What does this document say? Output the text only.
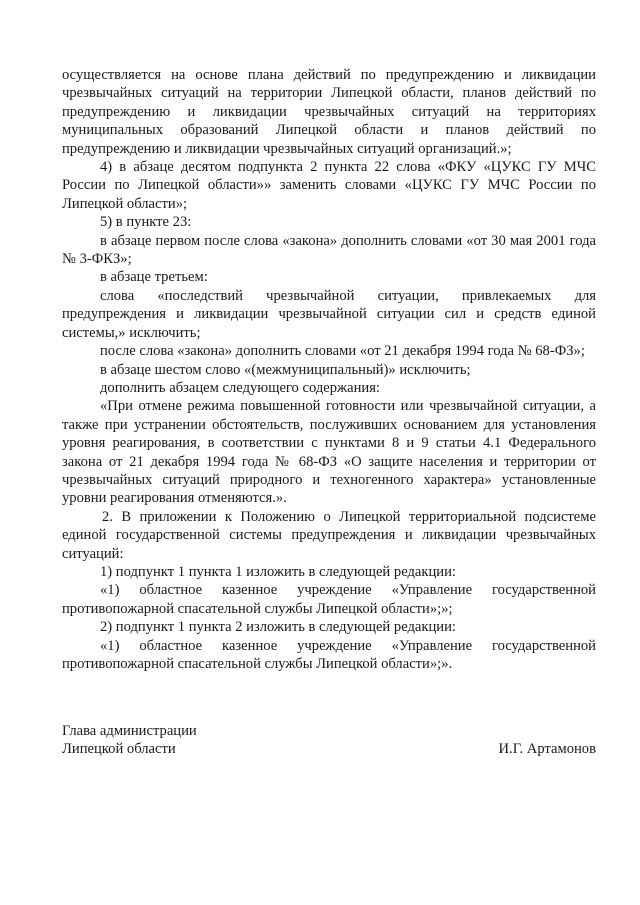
осуществляется на основе плана действий по предупреждению и ликвидации чрезвычайных ситуаций на территории Липецкой области, планов действий по предупреждению и ликвидации чрезвычайных ситуаций на территориях муниципальных образований Липецкой области и планов действий по предупреждению и ликвидации чрезвычайных ситуаций организаций.»;

4) в абзаце десятом подпункта 2 пункта 22 слова «ФКУ «ЦУКС ГУ МЧС России по Липецкой области»» заменить словами «ЦУКС ГУ МЧС России по Липецкой области»;

5) в пункте 23:

в абзаце первом после слова «закона» дополнить словами «от 30 мая 2001 года № 3-ФКЗ»;

в абзаце третьем:

слова «последствий чрезвычайной ситуации, привлекаемых для предупреждения и ликвидации чрезвычайной ситуации сил и средств единой системы,» исключить;

после слова «закона» дополнить словами «от 21 декабря 1994 года № 68-ФЗ»;

в абзаце шестом слово «(межмуниципальный)» исключить;

дополнить абзацем следующего содержания:

«При отмене режима повышенной готовности или чрезвычайной ситуации, а также при устранении обстоятельств, послуживших основанием для установления уровня реагирования, в соответствии с пунктами 8 и 9 статьи 4.1 Федерального закона от 21 декабря 1994 года № 68-ФЗ «О защите населения и территории от чрезвычайных ситуаций природного и техногенного характера» установленные уровни реагирования отменяются.».

2. В приложении к Положению о Липецкой территориальной подсистеме единой государственной системы предупреждения и ликвидации чрезвычайных ситуаций:

1) подпункт 1 пункта 1 изложить в следующей редакции:

«1) областное казенное учреждение «Управление государственной противопожарной спасательной службы Липецкой области»;»;

2) подпункт 1 пункта 2 изложить в следующей редакции:

«1) областное казенное учреждение «Управление государственной противопожарной спасательной службы Липецкой области»;».

Глава администрации
Липецкой области	И.Г. Артамонов
